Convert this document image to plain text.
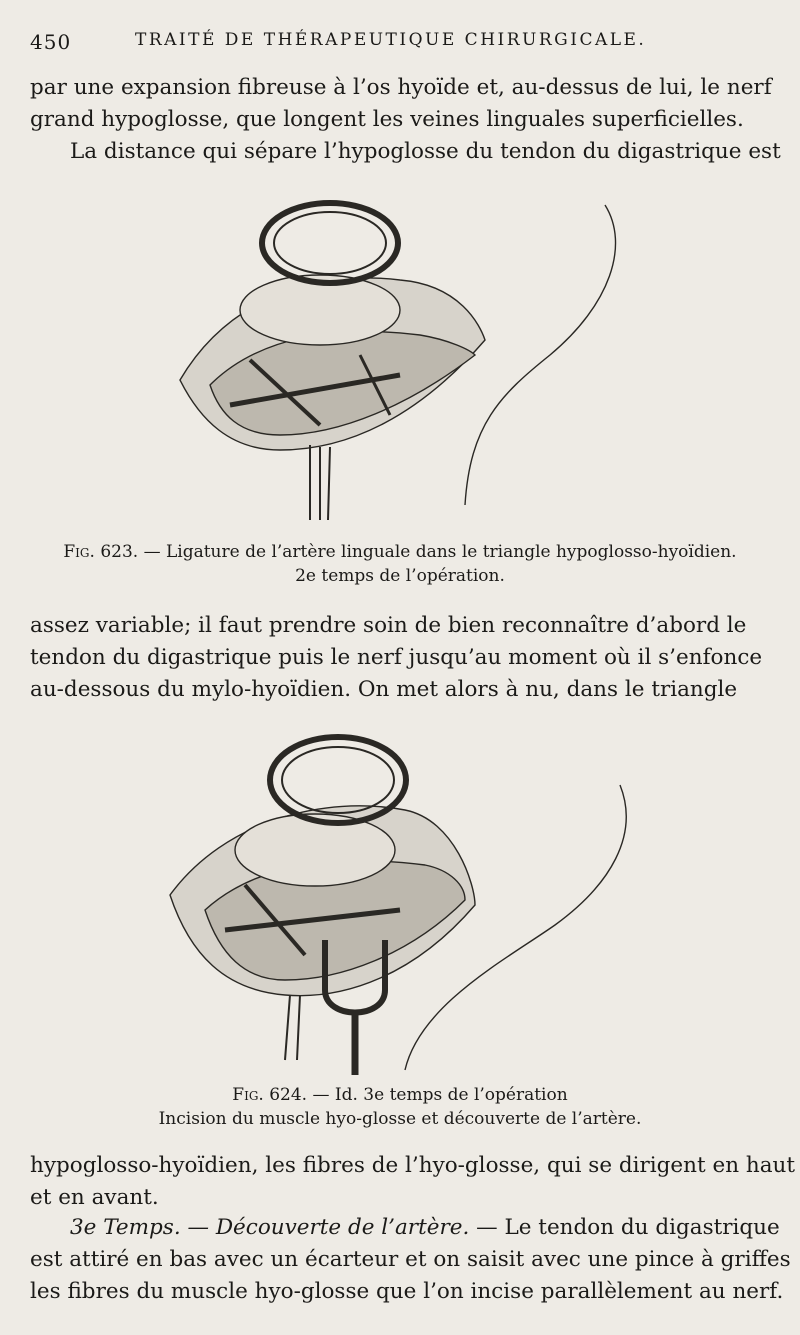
450	TRAITÉ DE THÉRAPEUTIQUE CHIRURGICALE.
par une expansion fibreuse à l’os hyoïde et, au-dessus de lui, le nerf
grand hypoglosse, que longent les veines linguales superficielles.
La distance qui sépare l’hypoglosse du tendon du digastrique est
Fig. 623. — Ligature de l’artère linguale dans le triangle hypoglosso-hyoïdien.
2e temps de l’opération.
assez variable; il faut prendre soin de bien reconnaître d’abord le
tendon du digastrique puis le nerf jusqu’au moment où il s’enfonce
au-dessous du mylo-hyoïdien. On met alors à nu, dans le triangle
Fig. 624. — Id. 3e temps de l’opération
Incision du muscle hyo-glosse et découverte de l’artère.
hypoglosso-hyoïdien, les fibres de l’hyo-glosse, qui se dirigent en haut
et en avant.
3e Temps. — Découverte de l’artère. — Le tendon du digastrique
est attiré en bas avec un écarteur et on saisit avec une pince à griffes
les fibres du muscle hyo-glosse que l’on incise parallèlement au nerf.
